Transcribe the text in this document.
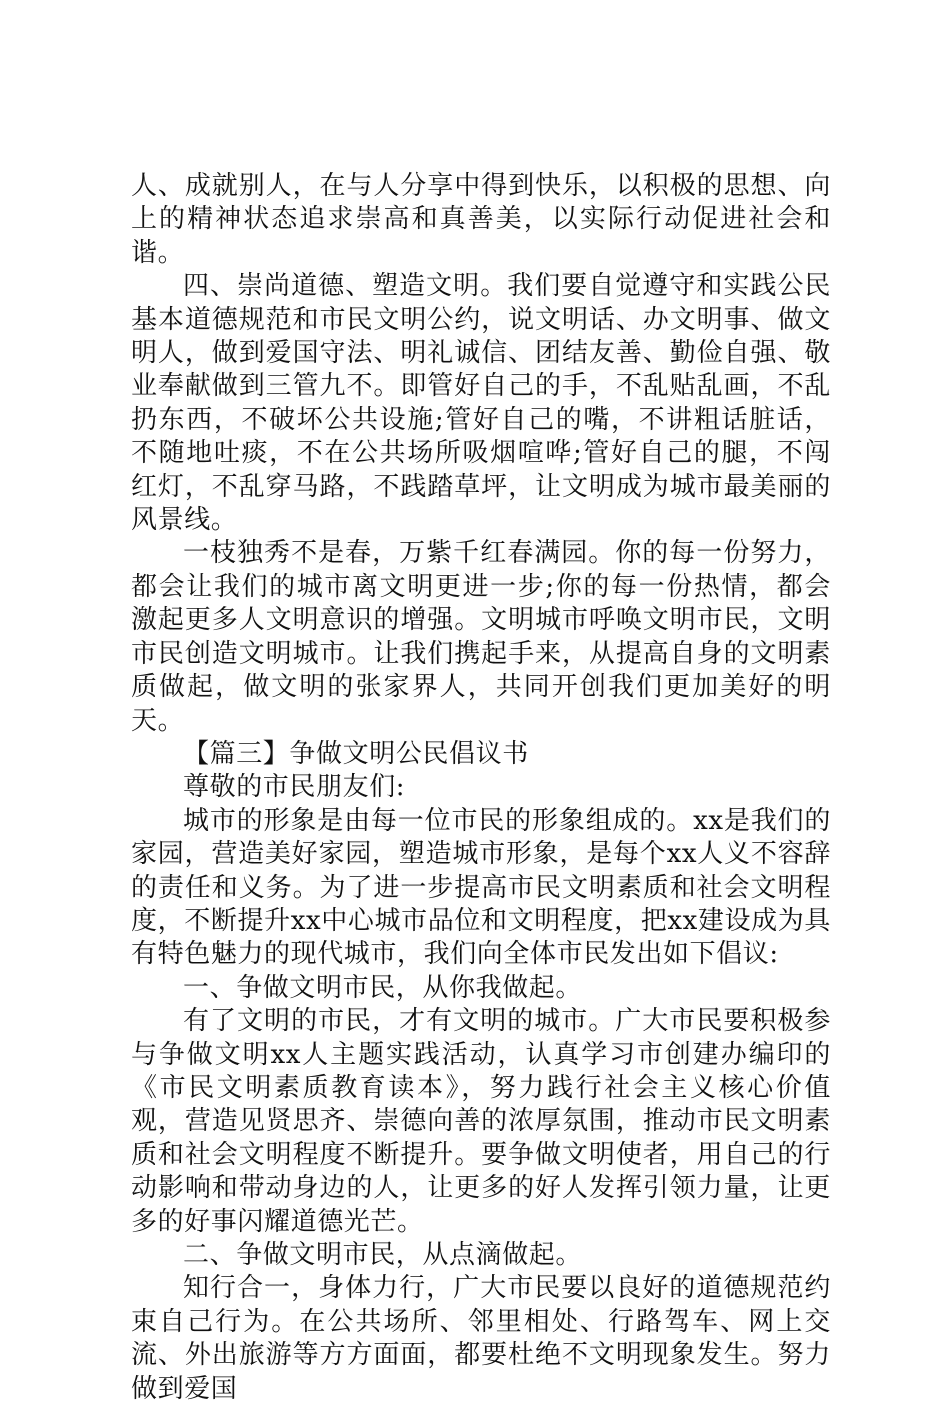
人、成就别人，在与人分享中得到快乐，以积极的思想、向上的精神状态追求崇高和真善美，以实际行动促进社会和谐。

四、崇尚道德、塑造文明。我们要自觉遵守和实践公民基本道德规范和市民文明公约，说文明话、办文明事、做文明人，做到爱国守法、明礼诚信、团结友善、勤俭自强、敬业奉献做到三管九不。即管好自己的手，不乱贴乱画，不乱扔东西，不破坏公共设施;管好自己的嘴，不讲粗话脏话，不随地吐痰，不在公共场所吸烟喧哗;管好自己的腿，不闯红灯，不乱穿马路，不践踏草坪，让文明成为城市最美丽的风景线。

一枝独秀不是春，万紫千红春满园。你的每一份努力，都会让我们的城市离文明更进一步;你的每一份热情，都会激起更多人文明意识的增强。文明城市呼唤文明市民，文明市民创造文明城市。让我们携起手来，从提高自身的文明素质做起，做文明的张家界人，共同开创我们更加美好的明天。

【篇三】争做文明公民倡议书

尊敬的市民朋友们:

城市的形象是由每一位市民的形象组成的。xx是我们的家园，营造美好家园，塑造城市形象，是每个xx人义不容辞的责任和义务。为了进一步提高市民文明素质和社会文明程度，不断提升xx中心城市品位和文明程度，把xx建设成为具有特色魅力的现代城市，我们向全体市民发出如下倡议:

一、争做文明市民，从你我做起。

有了文明的市民，才有文明的城市。广大市民要积极参与争做文明xx人主题实践活动，认真学习市创建办编印的《市民文明素质教育读本》，努力践行社会主义核心价值观，营造见贤思齐、崇德向善的浓厚氛围，推动市民文明素质和社会文明程度不断提升。要争做文明使者，用自己的行动影响和带动身边的人，让更多的好人发挥引领力量，让更多的好事闪耀道德光芒。

二、争做文明市民，从点滴做起。

知行合一，身体力行，广大市民要以良好的道德规范约束自己行为。在公共场所、邻里相处、行路驾车、网上交流、外出旅游等方方面面，都要杜绝不文明现象发生。努力做到爱国
